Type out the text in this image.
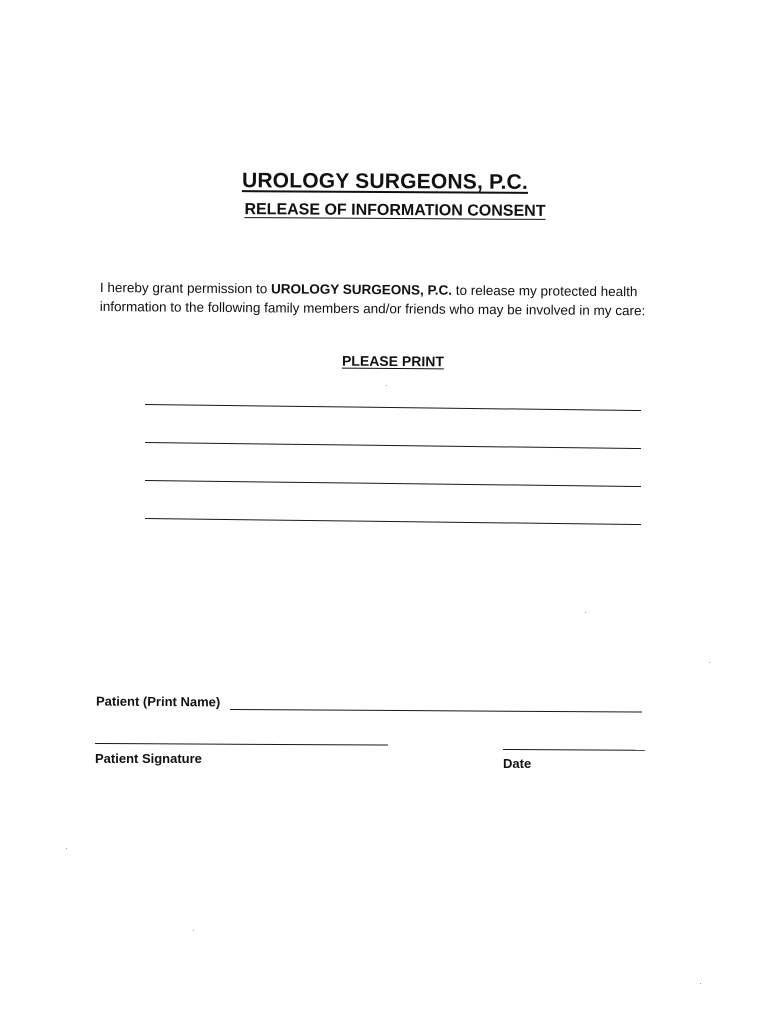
UROLOGY SURGEONS, P.C.
RELEASE OF INFORMATION CONSENT
I hereby grant permission to UROLOGY SURGEONS, P.C. to release my protected health
information to the following family members and/or friends who may be involved in my care:
PLEASE PRINT
Patient (Print Name)
Patient Signature	Date
